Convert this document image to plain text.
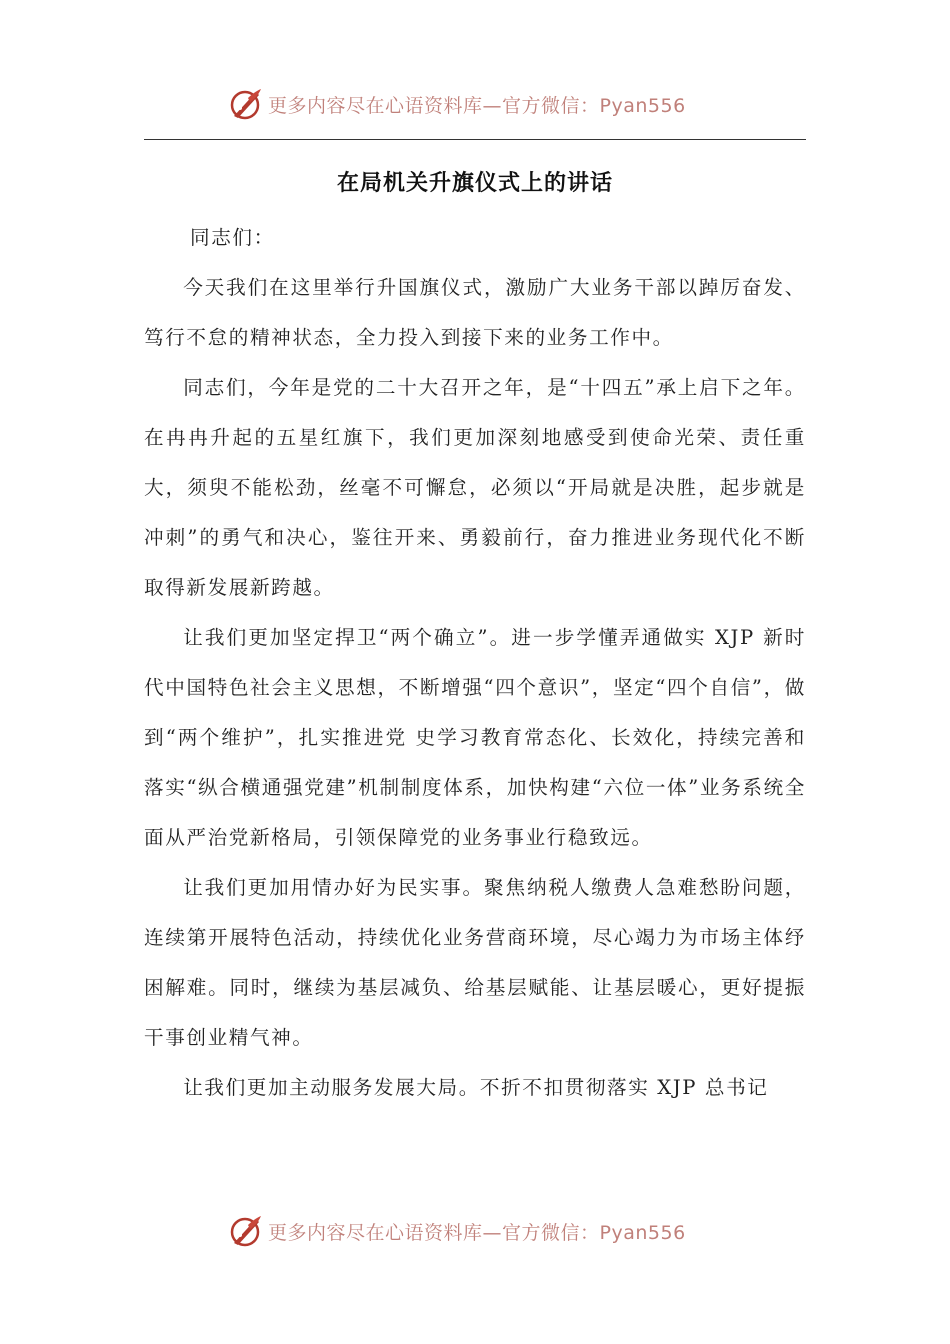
更多内容尽在心语资料库—官方微信：Pyan556
在局机关升旗仪式上的讲话

同志们：

今天我们在这里举行升国旗仪式，激励广大业务干部以踔厉奋发、笃行不怠的精神状态，全力投入到接下来的业务工作中。

同志们，今年是党的二十大召开之年，是“十四五”承上启下之年。在冉冉升起的五星红旗下，我们更加深刻地感受到使命光荣、责任重大，须臾不能松劲，丝毫不可懈怠，必须以“开局就是决胜，起步就是冲刺”的勇气和决心，鉴往开来、勇毅前行，奋力推进业务现代化不断取得新发展新跨越。

让我们更加坚定捍卫“两个确立”。进一步学懂弄通做实 XJP 新时代中国特色社会主义思想，不断增强“四个意识”，坚定“四个自信”，做到“两个维护”，扎实推进党 史学习教育常态化、长效化，持续完善和落实“纵合横通强党建”机制制度体系，加快构建“六位一体”业务系统全面从严治党新格局，引领保障党的业务事业行稳致远。

让我们更加用情办好为民实事。聚焦纳税人缴费人急难愁盼问题，连续第开展特色活动，持续优化业务营商环境，尽心竭力为市场主体纾困解难。同时，继续为基层减负、给基层赋能、让基层暖心，更好提振干事创业精气神。

让我们更加主动服务发展大局。不折不扣贯彻落实 XJP 总书记

更多内容尽在心语资料库—官方微信：Pyan556
